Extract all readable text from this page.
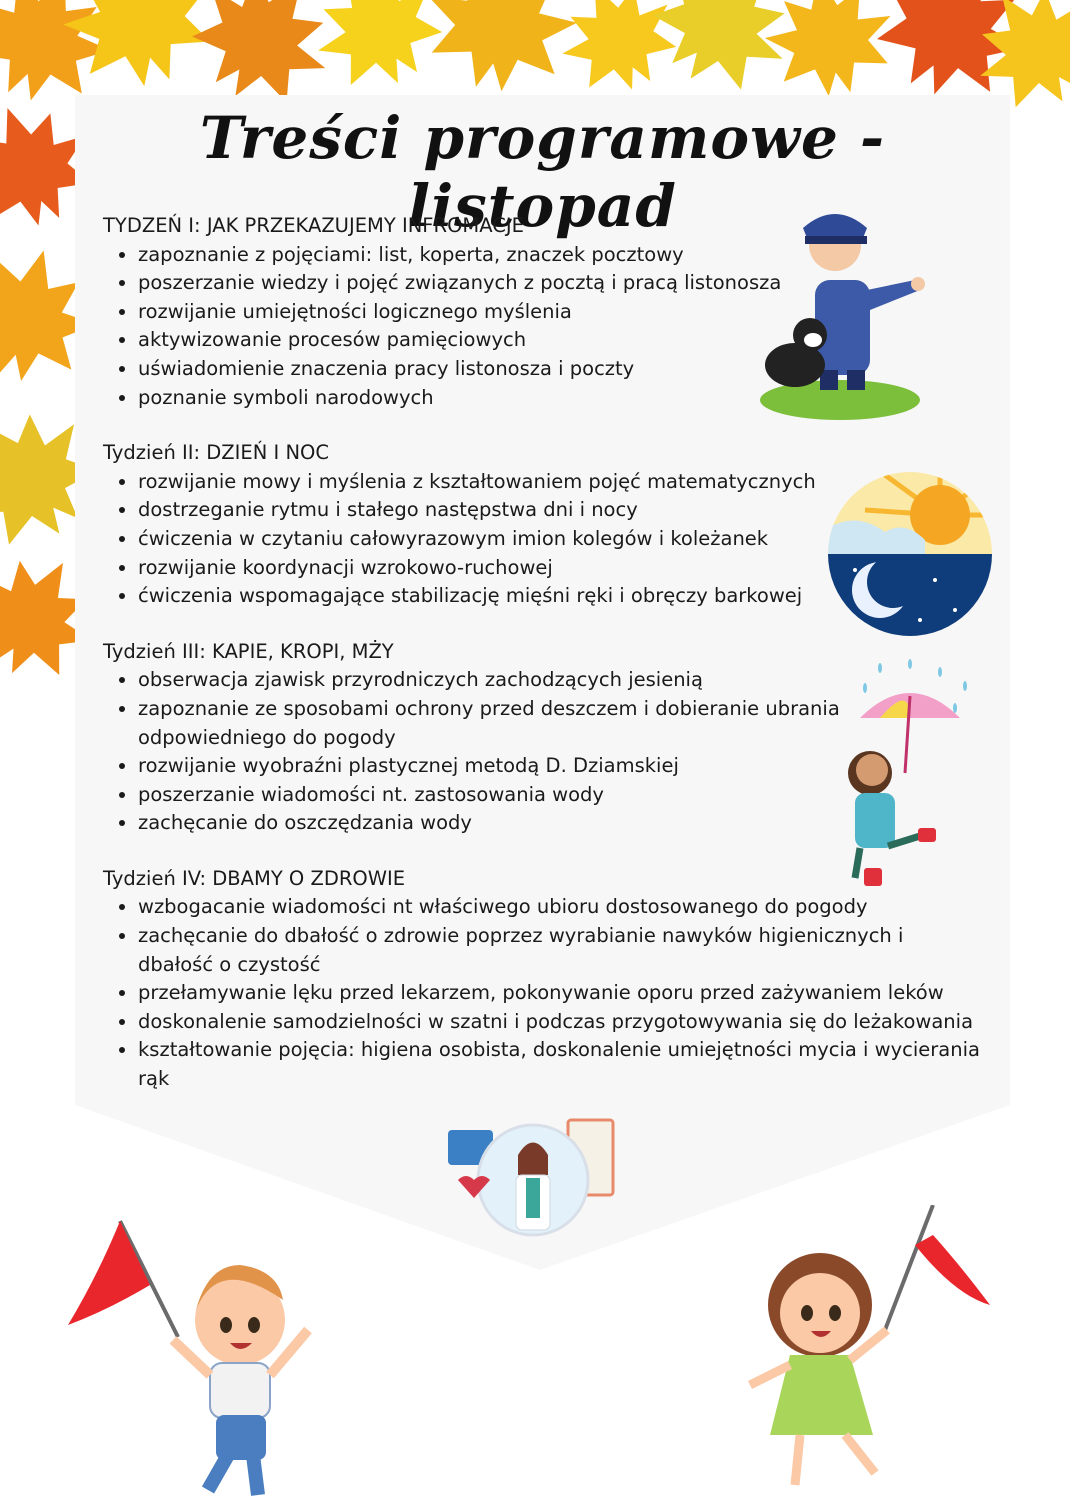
Treści programowe - listopad
TYDZEŃ I: JAK PRZEKAZUJEMY INFROMACJE
• zapoznanie z pojęciami: list, koperta, znaczek pocztowy
• poszerzanie wiedzy i pojęć związanych z pocztą i pracą listonosza
• rozwijanie umiejętności logicznego myślenia
• aktywizowanie procesów pamięciowych
• uświadomienie znaczenia pracy listonosza i poczty
• poznanie symboli narodowych
Tydzień II: DZIEŃ I NOC
• rozwijanie mowy i myślenia z kształtowaniem pojęć matematycznych
• dostrzeganie rytmu i stałego następstwa dni i nocy
• ćwiczenia w czytaniu całowyrazowym imion kolegów i koleżanek
• rozwijanie koordynacji wzrokowo-ruchowej
• ćwiczenia wspomagające stabilizację mięśni ręki i obręczy barkowej
Tydzień III: KAPIE, KROPI, MŻY
• obserwacja zjawisk przyrodniczych zachodzących jesienią
• zapoznanie ze sposobami ochrony przed deszczem i dobieranie ubrania odpowiedniego do pogody
• rozwijanie wyobraźni plastycznej metodą D. Dziamskiej
• poszerzanie wiadomości nt. zastosowania wody
• zachęcanie do oszczędzania wody
Tydzień IV: DBAMY O ZDROWIE
• wzbogacanie wiadomości nt właściwego ubioru dostosowanego do pogody
• zachęcanie do dbałość o zdrowie poprzez wyrabianie nawyków higienicznych i dbałość o czystość
• przełamywanie lęku przed lekarzem, pokonywanie oporu przed zażywaniem leków
• doskonalenie samodzielności w szatni i podczas przygotowywania się do leżakowania
• kształtowanie pojęcia: higiena osobista, doskonalenie umiejętności mycia i wycierania rąk
